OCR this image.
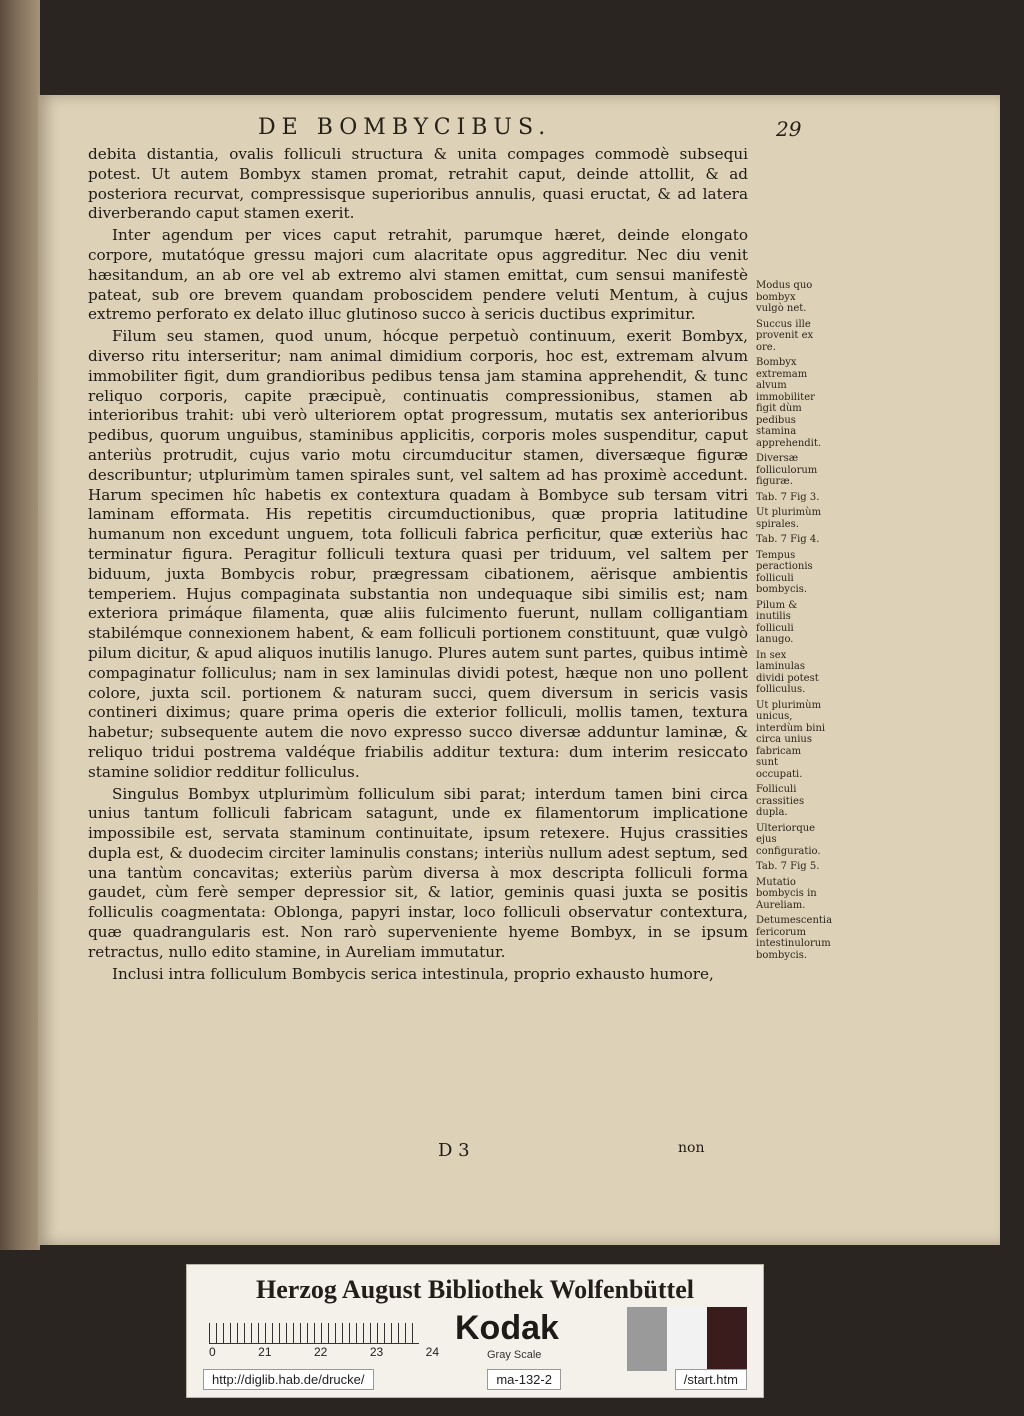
DE BOMBYCIBUS.	29

debita distantia, ovalis folliculi structura & unita compages commodè subsequi potest. Ut autem Bombyx stamen promat, retrahit caput, deinde attollit, & ad posteriora recurvat, compressisque superioribus annulis, quasi eructat, & ad latera diverberando caput stamen exerit.

Inter agendum per vices caput retrahit, parumque hæret, deinde elongato corpore, mutatóque gressu majori cum alacritate opus aggreditur. Nec diu venit hæsitandum, an ab ore vel ab extremo alvi stamen emittat, cum sensui manifestè pateat, sub ore brevem quandam proboscidem pendere veluti Mentum, à cujus extremo perforato ex delato illuc glutinoso succo à sericis ductibus exprimitur.

Filum seu stamen, quod unum, hócque perpetuò continuum, exerit Bombyx, diverso ritu interseritur; nam animal dimidium corporis, hoc est, extremam alvum immobiliter figit, dum grandioribus pedibus tensa jam stamina apprehendit, & tunc reliquo corporis, capite præcipuè, continuatis compressionibus, stamen ab interioribus trahit: ubi verò ulteriorem optat progressum, mutatis sex anterioribus pedibus, quorum unguibus, staminibus applicitis, corporis moles suspenditur, caput anteriùs protrudit, cujus vario motu circumducitur stamen, diversæque figuræ describuntur; utplurimùm tamen spirales sunt, vel saltem ad has proximè accedunt. Harum specimen hîc habetis ex contextura quadam à Bombyce sub tersam vitri laminam efformata. His repetitis circumductionibus, quæ propria latitudine humanum non excedunt unguem, tota folliculi fabrica perficitur, quæ exteriùs hac terminatur figura. Peragitur folliculi textura quasi per triduum, vel saltem per biduum, juxta Bombycis robur, prægressam cibationem, aërisque ambientis temperiem. Hujus compaginata substantia non undequaque sibi similis est; nam exteriora primáque filamenta, quæ aliis fulcimento fuerunt, nullam colligantiam stabilémque connexionem habent, & eam folliculi portionem constituunt, quæ vulgò pilum dicitur, & apud aliquos inutilis lanugo. Plures autem sunt partes, quibus intimè compaginatur folliculus; nam in sex laminulas dividi potest, hæque non uno pollent colore, juxta scil. portionem & naturam succi, quem diversum in sericis vasis contineri diximus; quare prima operis die exterior folliculi, mollis tamen, textura habetur; subsequente autem die novo expresso succo diversæ adduntur laminæ, & reliquo tridui postrema valdéque friabilis additur textura: dum interim resiccato stamine solidior redditur folliculus.

Singulus Bombyx utplurimùm folliculum sibi parat; interdum tamen bini circa unius tantum folliculi fabricam satagunt, unde ex filamentorum implicatione impossibile est, servata staminum continuitate, ipsum retexere. Hujus crassities dupla est, & duodecim circiter laminulis constans; interiùs nullum adest septum, sed una tantùm concavitas; exteriùs parùm diversa à mox descripta folliculi forma gaudet, cùm ferè semper depressior sit, & latior, geminis quasi juxta se positis folliculis coagmentata: Oblonga, papyri instar, loco folliculi observatur contextura, quæ quadrangularis est. Non rarò superveniente hyeme Bombyx, in se ipsum retractus, nullo edito stamine, in Aureliam immutatur.

Inclusi intra folliculum Bombycis serica intestinula, proprio exhausto humore,

Modus quo bombyx vulgò net.
Succus ille provenit ex ore.
Bombyx extremam alvum immobiliter figit dùm pedibus stamina apprehendit.
Diversæ folliculorum figuræ.
Tab. 7 Fig 3.
Ut plurimùm spirales.
Tab. 7 Fig 4.
Tempus peractionis folliculi bombycis.
Pilum & inutilis folliculi lanugo.
In sex laminulas dividi potest folliculus.
Ut plurimùm unicus, interdùm bini circa unius fabricam sunt occupati.
Folliculi crassities dupla.
Ulteriorque ejus configuratio.
Tab. 7 Fig 5.
Mutatio bombycis in Aureliam.
Detumescentia fericorum intestinulorum bombycis.
D 3	non
Herzog August Bibliothek Wolfenbüttel
0	21	22	23	24
Kodak
Gray Scale
http://diglib.hab.de/drucke/	ma-132-2	/start.htm
